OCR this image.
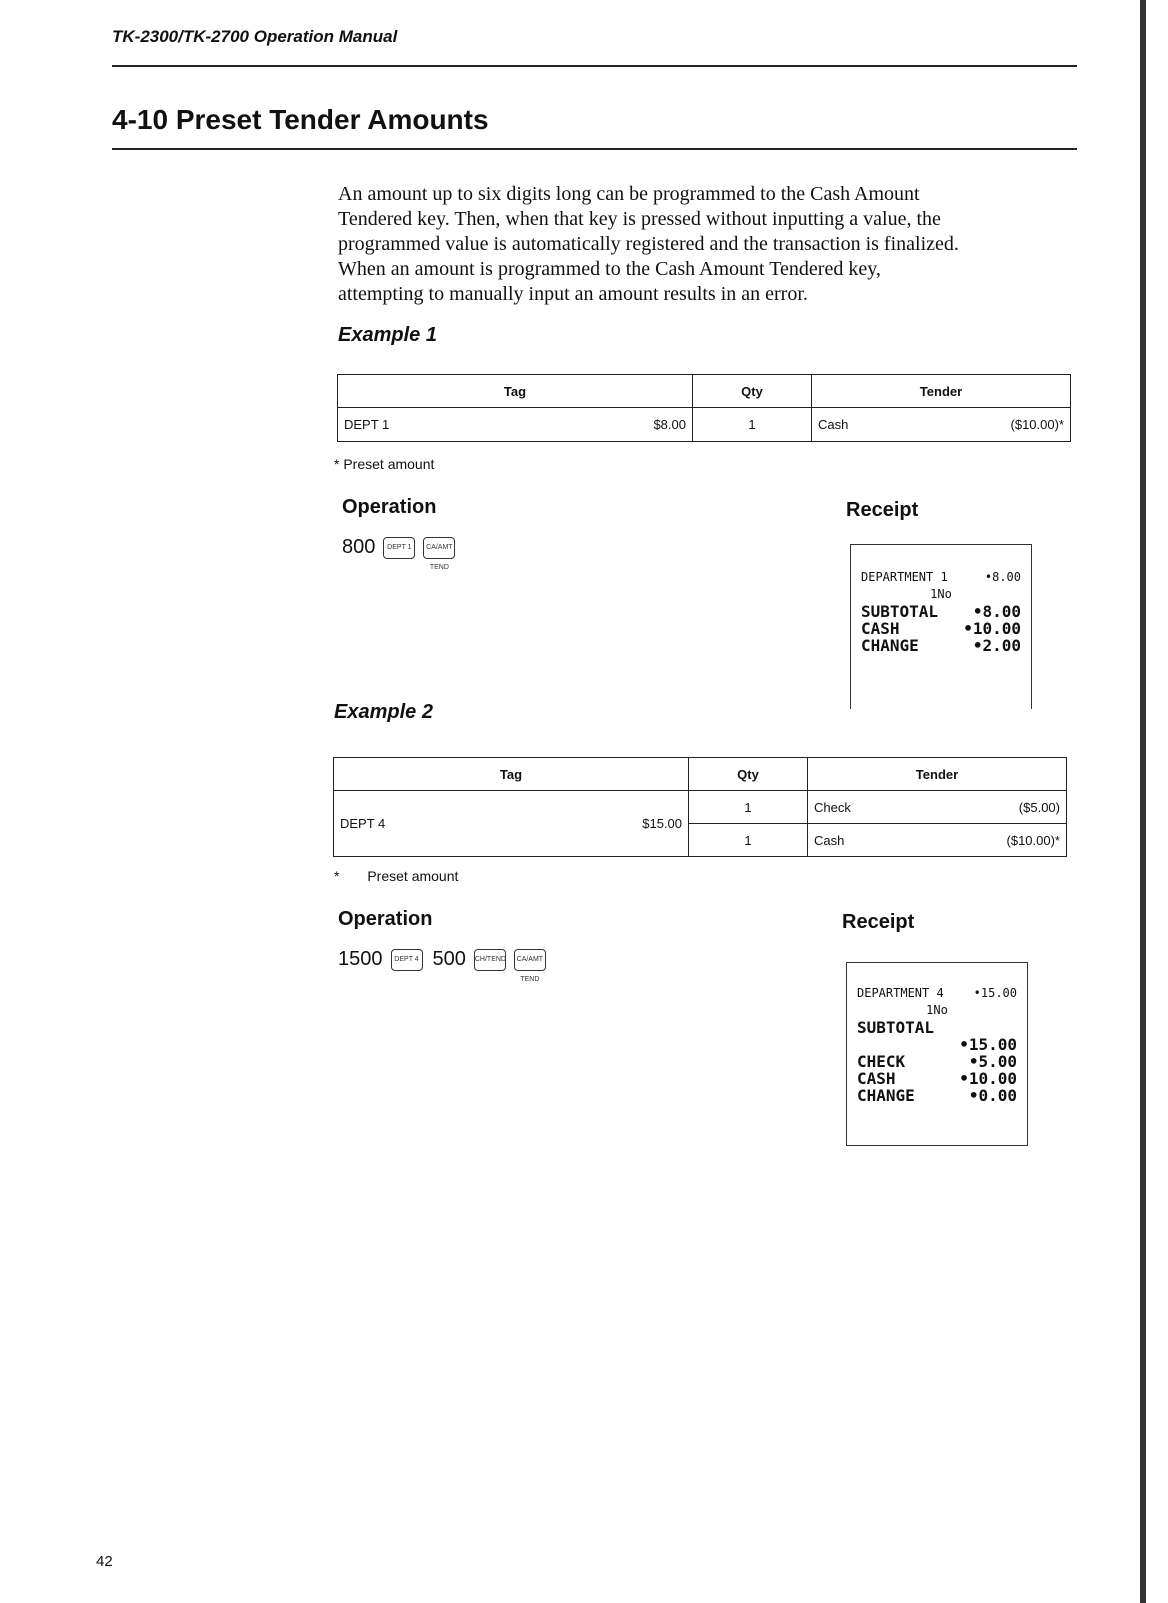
TK-2300/TK-2700 Operation Manual
4-10 Preset Tender Amounts
An amount up to six digits long can be programmed to the Cash Amount
Tendered key. Then, when that key is pressed without inputting a value, the
programmed value is automatically registered and the transaction is finalized.
When an amount is programmed to the Cash Amount Tendered key,
attempting to manually input an amount results in an error.
Example 1
Tag	Qty	Tender

DEPT 1 $8.00	1	Cash ($10.00)*
* Preset amount
Operation
800	DEPT 1	CA/AMT TEND
Receipt
DEPARTMENT 1	•8.00
1No
SUBTOTAL •8.00
CASH	•10.00
CHANGE	•2.00
Example 2
Tag	Qty	Tender

DEPT 4 $15.00	1	Check ($5.00)

	1	Cash ($10.00)*
* Preset amount
Operation
1500	DEPT 4 500 CH/TEND	CA/AMT TEND
Receipt
DEPARTMENT 4 •15.00
1No
SUBTOTAL
•15.00
CHECK	•5.00
CASH	•10.00
CHANGE	•0.00
42
